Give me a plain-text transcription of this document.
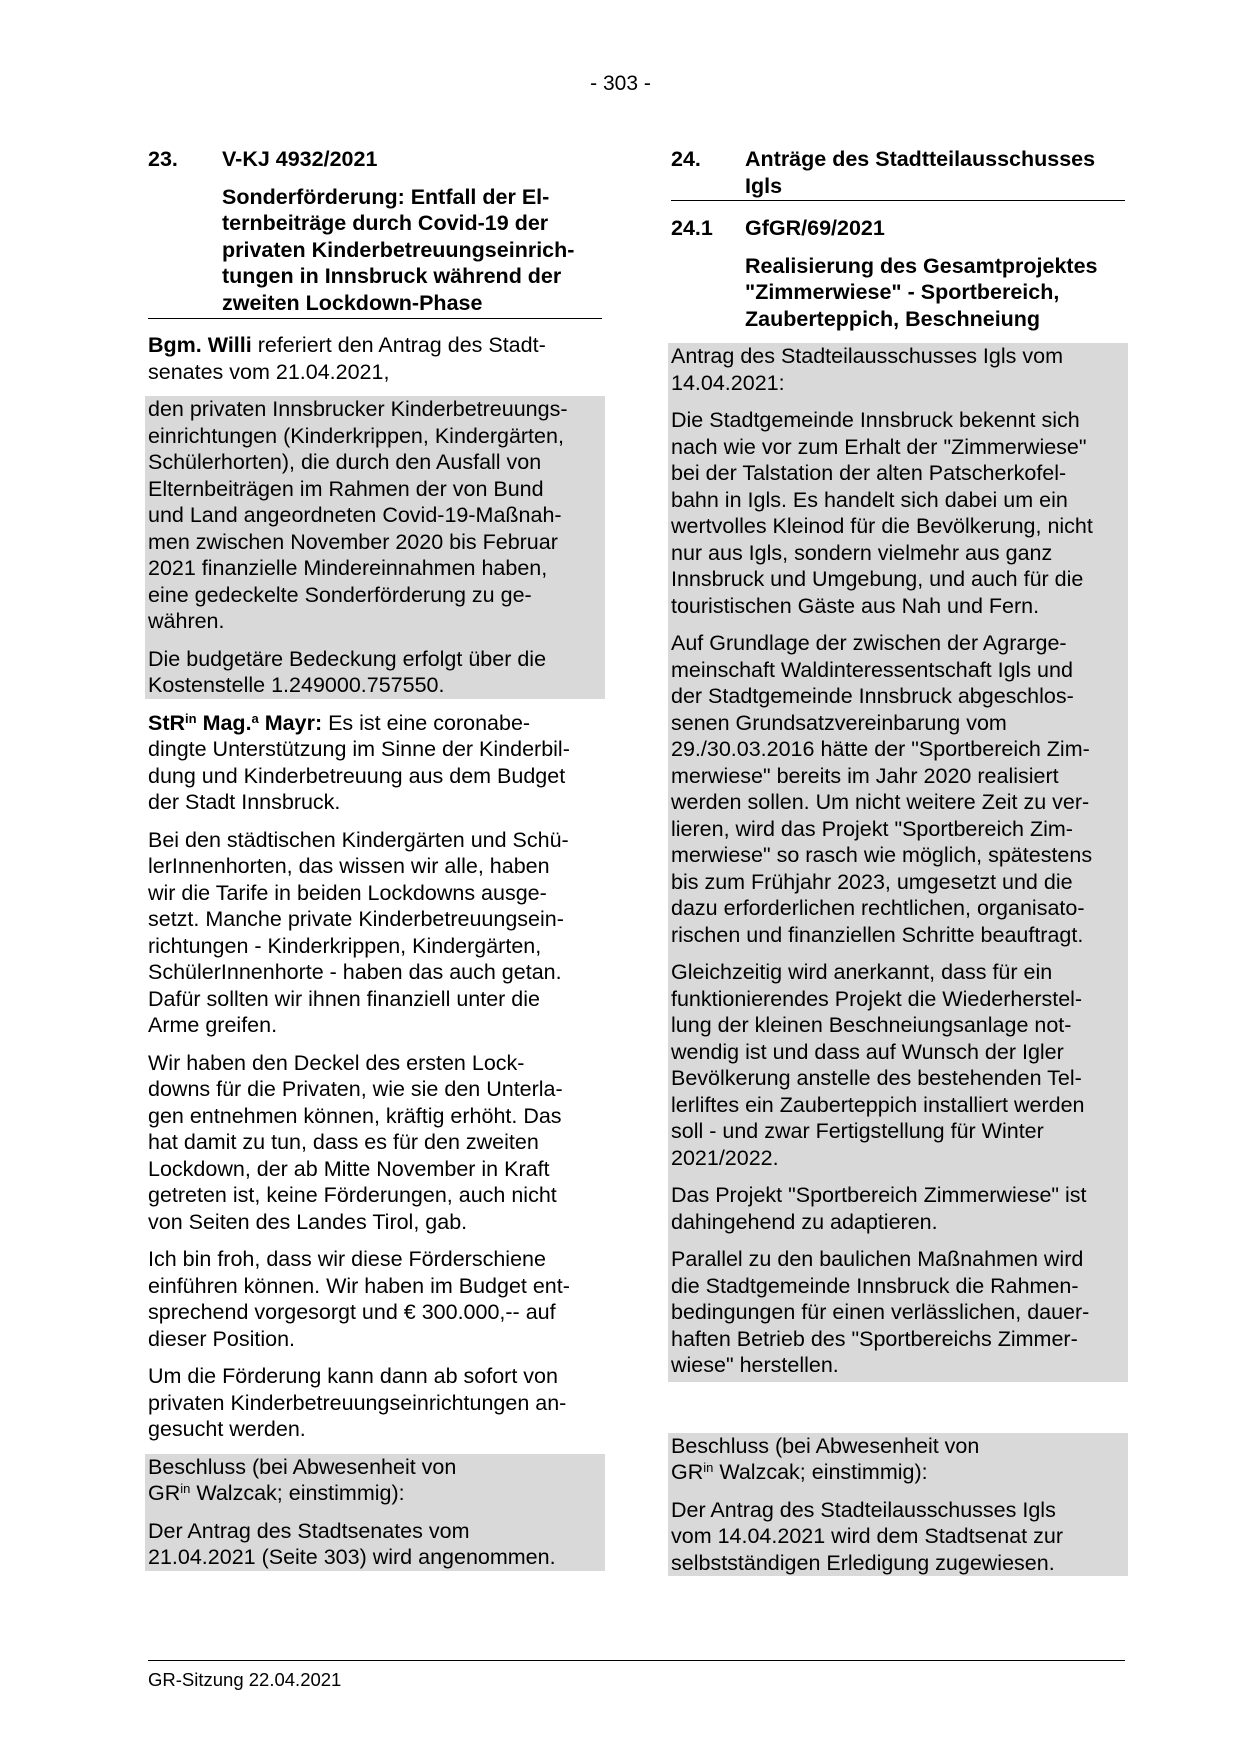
- 303 -
23.	V-KJ 4932/2021
Sonderförderung: Entfall der El-
ternbeiträge durch Covid-19 der
privaten Kinderbetreuungseinrich-
tungen in Innsbruck während der
zweiten Lockdown-Phase

Bgm. Willi referiert den Antrag des Stadt-
senates vom 21.04.2021,

den privaten Innsbrucker Kinderbetreuungs-
einrichtungen (Kinderkrippen, Kindergärten,
Schülerhorten), die durch den Ausfall von
Elternbeiträgen im Rahmen der von Bund
und Land angeordneten Covid-19-Maßnah-
men zwischen November 2020 bis Februar
2021 finanzielle Mindereinnahmen haben,
eine gedeckelte Sonderförderung zu ge-
währen.

Die budgetäre Bedeckung erfolgt über die
Kostenstelle 1.249000.757550.

StR$^{in}$ Mag.$^a$ Mayr: Es ist eine coronabe-
dingte Unterstützung im Sinne der Kinderbil-
dung und Kinderbetreuung aus dem Budget
der Stadt Innsbruck.

Bei den städtischen Kindergärten und Schü-
lerInnenhorten, das wissen wir alle, haben
wir die Tarife in beiden Lockdowns ausge-
setzt. Manche private Kinderbetreuungsein-
richtungen - Kinderkrippen, Kindergärten,
SchülerInnenhorte - haben das auch getan.
Dafür sollten wir ihnen finanziell unter die
Arme greifen.

Wir haben den Deckel des ersten Lock-
downs für die Privaten, wie sie den Unterla-
gen entnehmen können, kräftig erhöht. Das
hat damit zu tun, dass es für den zweiten
Lockdown, der ab Mitte November in Kraft
getreten ist, keine Förderungen, auch nicht
von Seiten des Landes Tirol, gab.

Ich bin froh, dass wir diese Förderschiene
einführen können. Wir haben im Budget ent-
sprechend vorgesorgt und € 300.000,-- auf
dieser Position.

Um die Förderung kann dann ab sofort von
privaten Kinderbetreuungseinrichtungen an-
gesucht werden.

Beschluss (bei Abwesenheit von
$GR^{in}$ Walzcak; einstimmig):

Der Antrag des Stadtsenates vom
21.04.2021 (Seite 303) wird angenommen.

24.	Anträge des Stadtteilausschusses
Igls
24.1	GfGR/69/2021
Realisierung des Gesamtprojektes
"Zimmerwiese" - Sportbereich,
Zauberteppich, Beschneiung

Antrag des Stadteilausschusses Igls vom
14.04.2021:

Die Stadtgemeinde Innsbruck bekennt sich
nach wie vor zum Erhalt der "Zimmerwiese"
bei der Talstation der alten Patscherkofel-
bahn in Igls. Es handelt sich dabei um ein
wertvolles Kleinod für die Bevölkerung, nicht
nur aus Igls, sondern vielmehr aus ganz
Innsbruck und Umgebung, und auch für die
touristischen Gäste aus Nah und Fern.

Auf Grundlage der zwischen der Agrarge-
meinschaft Waldinteressentschaft Igls und
der Stadtgemeinde Innsbruck abgeschlos-
senen Grundsatzvereinbarung vom
29./30.03.2016 hätte der "Sportbereich Zim-
merwiese" bereits im Jahr 2020 realisiert
werden sollen. Um nicht weitere Zeit zu ver-
lieren, wird das Projekt "Sportbereich Zim-
merwiese" so rasch wie möglich, spätestens
bis zum Frühjahr 2023, umgesetzt und die
dazu erforderlichen rechtlichen, organisato-
rischen und finanziellen Schritte beauftragt.

Gleichzeitig wird anerkannt, dass für ein
funktionierendes Projekt die Wiederherstel-
lung der kleinen Beschneiungsanlage not-
wendig ist und dass auf Wunsch der Igler
Bevölkerung anstelle des bestehenden Tel-
lerliftes ein Zauberteppich installiert werden
soll - und zwar Fertigstellung für Winter
2021/2022.

Das Projekt "Sportbereich Zimmerwiese" ist
dahingehend zu adaptieren.

Parallel zu den baulichen Maßnahmen wird
die Stadtgemeinde Innsbruck die Rahmen-
bedingungen für einen verlässlichen, dauer-
haften Betrieb des "Sportbereichs Zimmer-
wiese" herstellen.

Beschluss (bei Abwesenheit von
$GR^{in}$ Walzcak; einstimmig):

Der Antrag des Stadteilausschusses Igls
vom 14.04.2021 wird dem Stadtsenat zur
selbstständigen Erledigung zugewiesen.

GR-Sitzung 22.04.2021
